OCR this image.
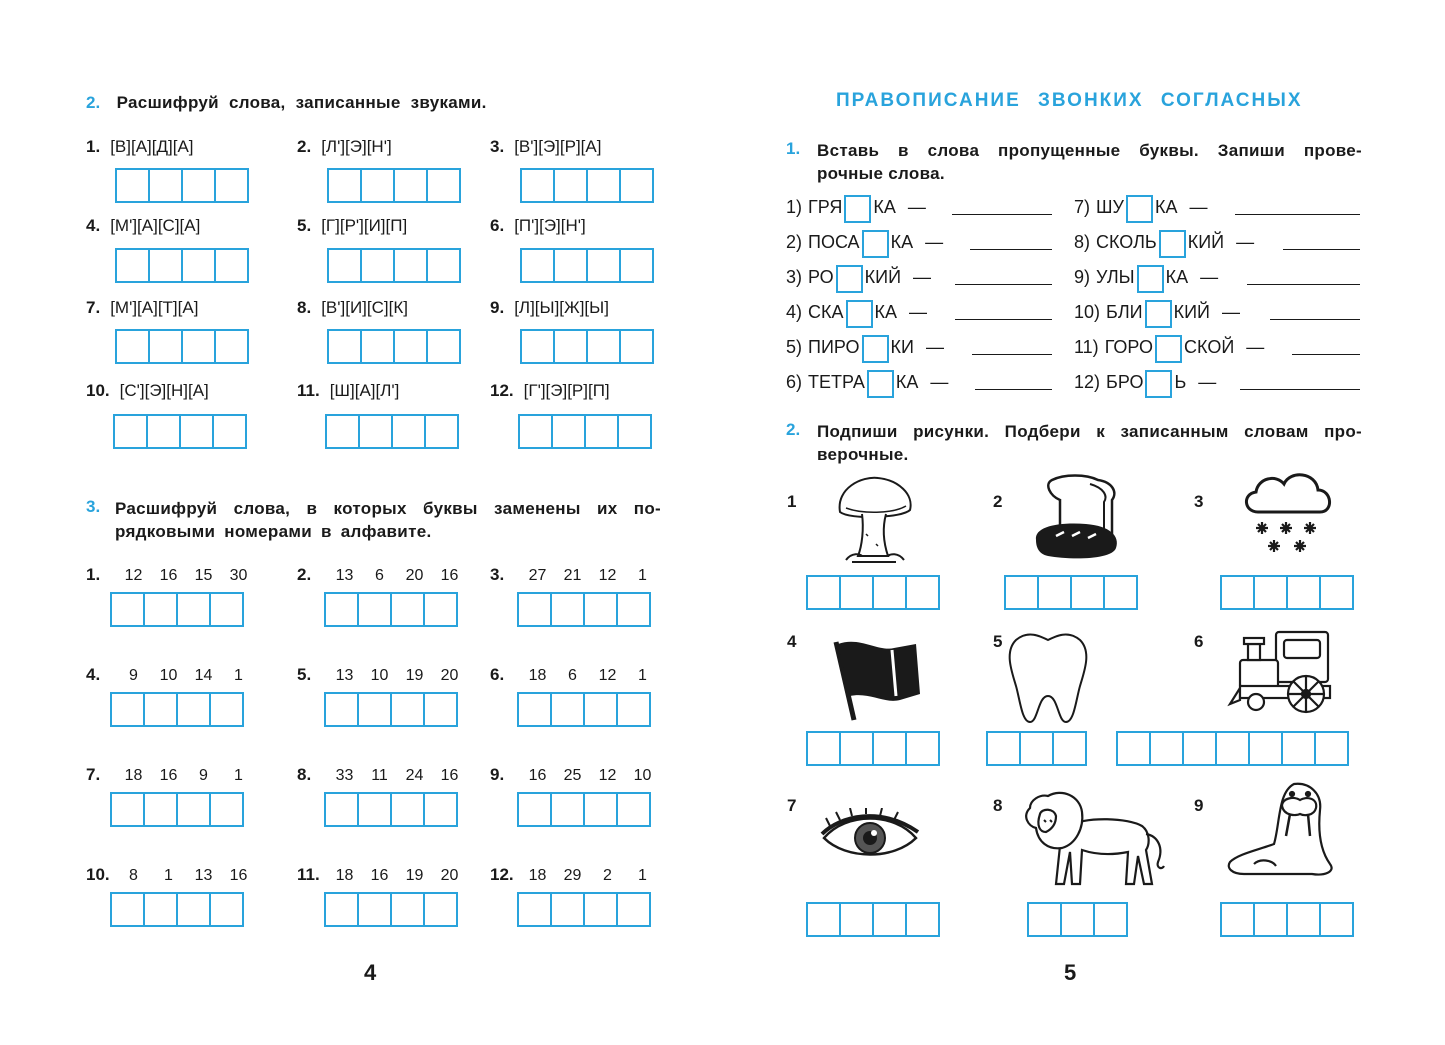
2. Расшифруй слова, записанные звуками.
1. [В][А][Д][А]	2. [Л'][Э][Н']	3. [В'][Э][Р][А]
4. [М'][А][С][А]	5. [Г][Р'][И][П]	6. [П'][Э][Н']
7. [М'][А][Т][А]	8. [В'][И][С][К]	9. [Л][Ы][Ж][Ы]
10. [С'][Э][Н][А]	11. [Ш][А][Л']	12. [Г'][Э][Р][П]
3. Расшифруй слова, в которых буквы заменены их по-
рядковыми номерами в алфавите.
1.	12	16	15	30	2.	13	6	20	16	3.	27	21	12	1
4.	9	10	14	1	5.	13	10	19	20	6.	18	6	12	1
7.	18	16	9	1	8.	33	11	24	16	9.	16	25	12	10
10.	8	1	13	16	11. 18	16	19	20	12. 18	29	2	1
4
ПРАВОПИСАНИЕ ЗВОНКИХ СОГЛАСНЫХ
1. Вставь в слова пропущенные буквы. Запиши прове-
рочные слова.
1) ГРЯ КА —
2) ПОСА КА —
3) РО КИЙ —
4) СКА КА —
5) ПИРО КИ —
6) ТЕТРА КА —
7) ШУ КА —
8) СКОЛЬ КИЙ —
9) УЛЫ КА —
10) БЛИ КИЙ —
11) ГОРО СКОЙ —
12) БРО Ь —
2. Подпиши рисунки. Подбери к записанным словам про-
верочные.
1	2	3
4	5	6
7	8	9
5
